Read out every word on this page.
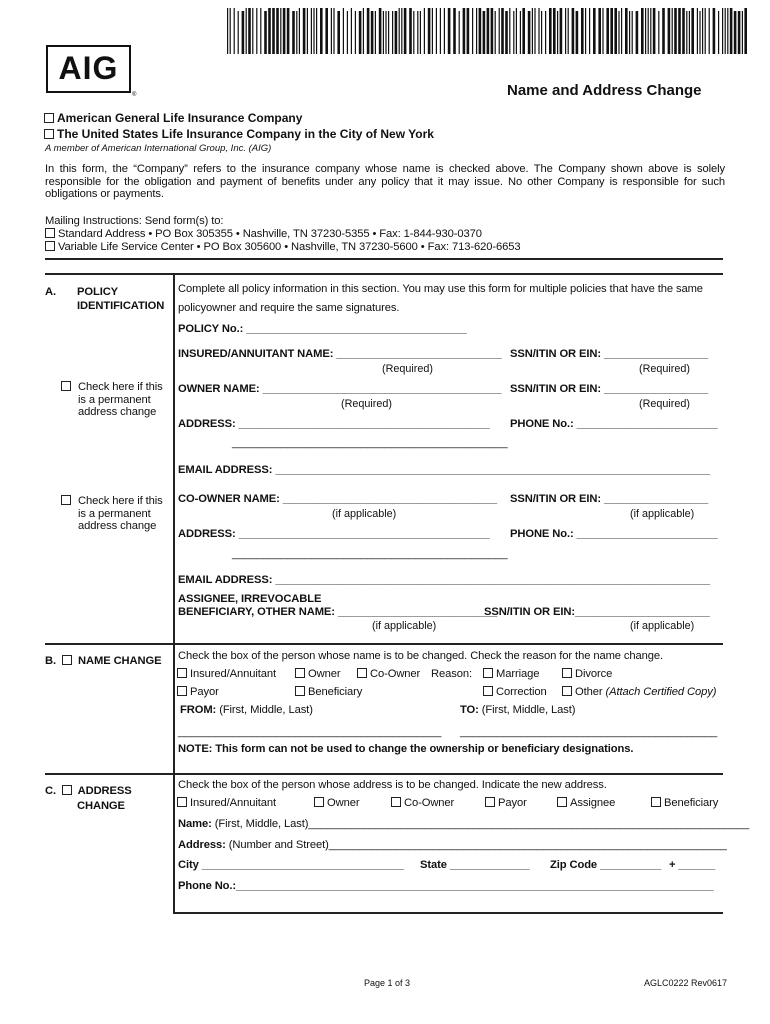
AIG
®	Name and Address Change
American General Life Insurance Company
The United States Life Insurance Company in the City of New York
A member of American International Group, Inc. (AIG)
In this form, the “Company” refers to the insurance company whose name is checked above. The Company shown above is solely responsible for the obligation and payment of benefits under any policy that it may issue. No other Company is responsible for such obligations or payments.
Mailing Instructions: Send form(s) to:
Standard Address • PO Box 305355 • Nashville, TN 37230-5355 • Fax: 1-844-930-0370
Variable Life Service Center • PO Box 305600 • Nashville, TN 37230-5600 • Fax: 713-620-6653
A. POLICY
IDENTIFICATION
Complete all policy information in this section. You may use this form for multiple policies that have the same
policyowner and require the same signatures.
POLICY No.: ____________________________________
INSURED/ANNUITANT NAME: ___________________________ SSN/ITIN OR EIN: _________________
(Required)	(Required)
Check here if this
is a permanent
address change
OWNER NAME: _______________________________________ SSN/ITIN OR EIN: _________________
(Required)	(Required)
ADDRESS: _________________________________________ PHONE No.: _______________________
_____________________________________________
EMAIL ADDRESS: _______________________________________________________________________
Check here if this
is a permanent
address change
CO-OWNER NAME: ___________________________________ SSN/ITIN OR EIN: _________________
(if applicable)	(if applicable)
ADDRESS: _________________________________________ PHONE No.: _______________________
_____________________________________________
EMAIL ADDRESS: _______________________________________________________________________
ASSIGNEE, IRREVOCABLE
BENEFICIARY, OTHER NAME: __________________________
SSN/ITIN OR EIN:______________________
(if applicable)	(if applicable)
B. NAME CHANGE Check the box of the person whose name is to be changed. Check the reason for the name change.
Insured/Annuitant	Owner	Co-Owner Reason:	Marriage	Divorce
Payor	Beneficiary	Correction	Other (Attach Certified Copy)
FROM: (First, Middle, Last)	TO: (First, Middle, Last)
___________________________________________ __________________________________________
NOTE: This form can not be used to change the ownership or beneficiary designations.
C. ADDRESS
CHANGE
Check the box of the person whose address is to be changed. Indicate the new address.
Insured/Annuitant	Owner	Co-Owner	Payor	Assignee	Beneficiary
Name: (First, Middle, Last)________________________________________________________________________
Address: (Number and Street)_________________________________________________________________
City _________________________________ State _____________ Zip Code __________ + ______
Phone No.:______________________________________________________________________________
Page 1 of 3	AGLC0222 Rev0617
